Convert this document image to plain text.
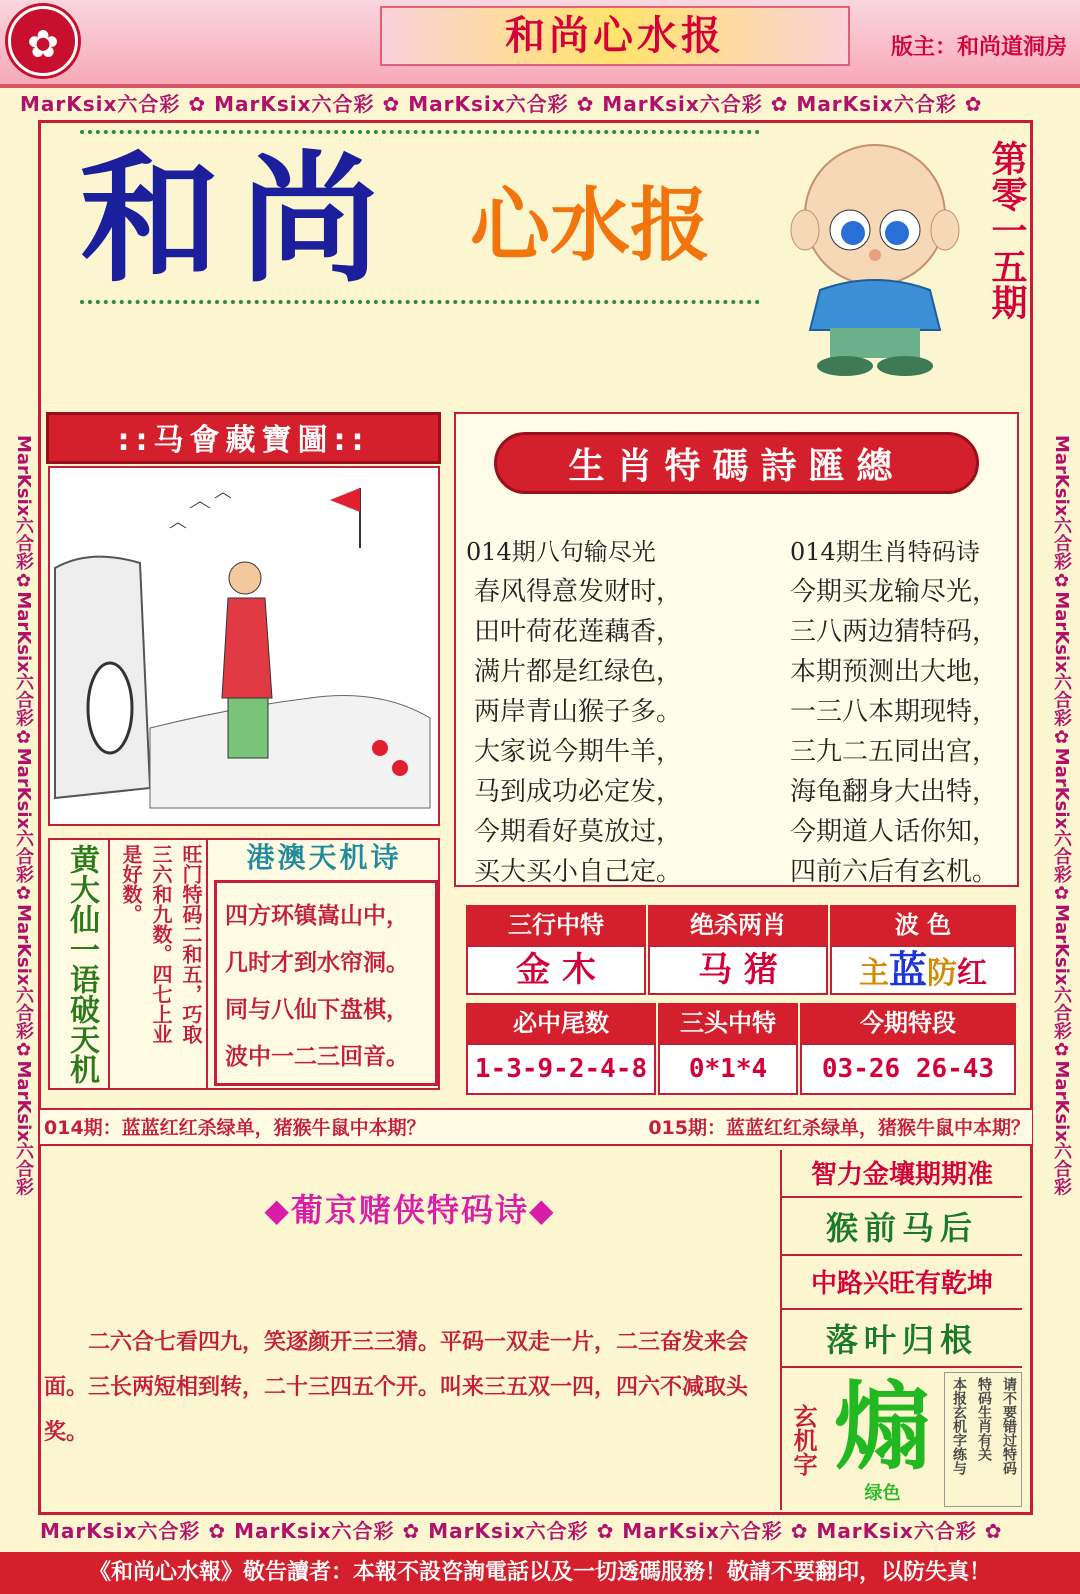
✿	和尚心水报	版主：和尚道洞房
MarKsix六合彩 ✿ MarKsix六合彩 ✿ MarKsix六合彩 ✿ MarKsix六合彩 ✿ MarKsix六合彩 ✿
MarKsix六合彩 ✿ MarKsix六合彩 ✿ MarKsix六合彩 ✿ MarKsix六合彩 ✿ MarKsix六合彩 ✿
MarKsix六合彩✿MarKsix六合彩✿MarKsix六合彩✿MarKsix六合彩✿MarKsix六合彩	MarKsix六合彩✿MarKsix六合彩✿MarKsix六合彩✿MarKsix六合彩✿MarKsix六合彩
和尚 心水报	第零一五期
::马會藏寶圖::
生肖特碼詩匯總
014期八句输尽光
春风得意发财时，
田叶荷花莲藕香，
满片都是红绿色，
两岸青山猴子多。
大家说今期牛羊，
马到成功必定发，
今期看好莫放过，
买大买小自己定。
014期生肖特码诗
今期买龙输尽光，
三八两边猜特码，
本期预测出大地，
一三八本期现特，
三九二五同出宫，
海龟翻身大出特，
今期道人话你知，
四前六后有玄机。
黄大仙一语破天机	旺门特码二和五，巧取
三六和九数。四七上业
是好数。	港澳天机诗
四方环镇嵩山中，
几时才到水帘洞。
同与八仙下盘棋，
波中一二三回音。
三行中特	绝杀两肖	波 色
金 木	马 猪	主蓝防红
必中尾数	三头中特	今期特段
1-3-9-2-4-8	0*1*4	03-26 26-43
014期：蓝蓝红红杀绿单，猪猴牛鼠中本期？	015期：蓝蓝红红杀绿单，猪猴牛鼠中本期？
◆葡京赌侠特码诗◆
二六合七看四九，笑逐颜开三三猜。平码一双走一片，二三奋发来会面。三长两短相到转，二十三四五个开。叫来三五双一四，四六不减取头奖。
智力金壤期期准
猴前马后
中路兴旺有乾坤
落叶归根
玄机字 煽
绿色
请不要错过特码
特码生肖有关
本报玄机字练与
《和尚心水報》敬告讀者：本報不設咨詢電話以及一切透碼服務！敬請不要翻印，以防失真！
